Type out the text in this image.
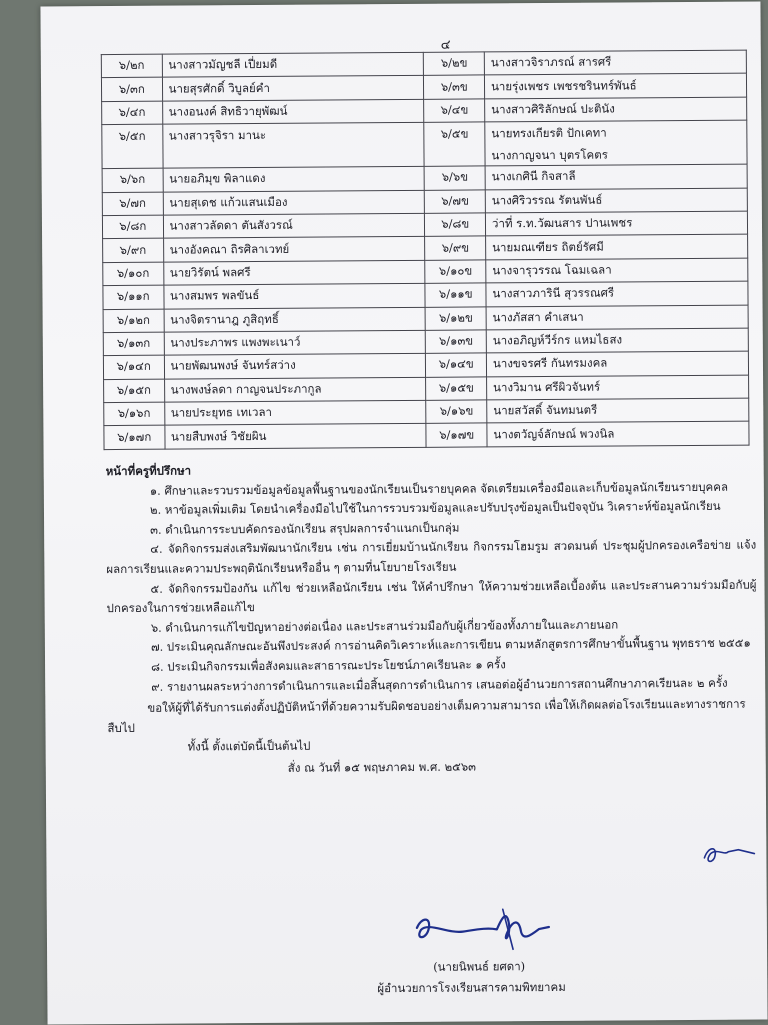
๔
๖/๒ก	นางสาวมัญชลี เปี่ยมดี	๖/๒ข	นางสาวจิราภรณ์ สารศรี
๖/๓ก	นายสุรศักดิ์ วิบูลย์คำ	๖/๓ข	นายรุ่งเพชร เพชรชรินทร์พันธ์
๖/๔ก	นางอนงค์ สิทธิวายุพัฒน์	๖/๔ข	นางสาวศิริลักษณ์ ปะตินัง
๖/๕ก	นางสาวรุจิรา มานะ	๖/๕ข	นายทรงเกียรติ ปักเคทา
นางกาญจนา บุตรโคตร

๖/๖ก	นายอภิมุข พิลาแดง	๖/๖ข	นางเกศินี กิจสาลี
๖/๗ก	นายสุเดช แก้วแสนเมือง	๖/๗ข	นางศิริวรรณ รัตนพันธ์
๖/๘ก	นางสาวลัดดา ตันสังวรณ์	๖/๘ข	ว่าที่ ร.ท.วัฒนสาร ปานเพชร
๖/๙ก	นางอังคณา ถิรศิลาเวทย์	๖/๙ข	นายมณเฑียร ถิตย์รัศมี
๖/๑๐ก	นายวิรัตน์ พลศรี	๖/๑๐ข	นางจารุวรรณ โฉมเฉลา
๖/๑๑ก	นางสมพร พลขันธ์	๖/๑๑ข	นางสาวภารินี สุวรรณศรี
๖/๑๒ก	นางจิตรานาฎ ภูสิฤทธิ์	๖/๑๒ข	นางภัสสา คำเสนา
๖/๑๓ก	นางประภาพร แพงพะเนาว์	๖/๑๓ข	นางอภิญห์วีร์กร แหมไธสง
๖/๑๔ก	นายพัฒนพงษ์ จันทร์สว่าง	๖/๑๔ข	นางขจรศรี กันทรมงคล
๖/๑๕ก	นางพงษ์ลดา กาญจนประภากูล	๖/๑๕ข	นางวิมาน ศรีผิวจันทร์
๖/๑๖ก	นายประยุทธ เทเวลา	๖/๑๖ข	นายสวัสดิ์ จันทมนตรี
๖/๑๗ก	นายสืบพงษ์ วิชัยผิน	๖/๑๗ข	นางตวัญจ์ลักษณ์ พวงนิล
หน้าที่ครูที่ปรึกษา
๑. ศึกษาและรวบรวมข้อมูลข้อมูลพื้นฐานของนักเรียนเป็นรายบุคคล จัดเตรียมเครื่องมือและเก็บข้อมูลนักเรียนรายบุคคล
๒. หาข้อมูลเพิ่มเติม โดยนำเครื่องมือไปใช้ในการรวบรวมข้อมูลและปรับปรุงข้อมูลเป็นปัจจุบัน วิเคราะห์ข้อมูลนักเรียน
๓. ดำเนินการระบบคัดกรองนักเรียน สรุปผลการจำแนกเป็นกลุ่ม
๔. จัดกิจกรรมส่งเสริมพัฒนานักเรียน เช่น การเยี่ยมบ้านนักเรียน กิจกรรมโฮมรูม สวดมนต์ ประชุมผู้ปกครองเครือข่าย แจ้งผลการเรียนและความประพฤตินักเรียนหรืออื่น ๆ ตามที่นโยบายโรงเรียน
๕. จัดกิจกรรมป้องกัน แก้ไข ช่วยเหลือนักเรียน เช่น ให้คำปรึกษา ให้ความช่วยเหลือเบื้องต้น และประสานความร่วมมือกับผู้ปกครองในการช่วยเหลือแก้ไข
๖. ดำเนินการแก้ไขปัญหาอย่างต่อเนื่อง และประสานร่วมมือกับผู้เกี่ยวข้องทั้งภายในและภายนอก
๗. ประเมินคุณลักษณะอันพึงประสงค์ การอ่านคิดวิเคราะห์และการเขียน ตามหลักสูตรการศึกษาขั้นพื้นฐาน พุทธราช ๒๕๕๑
๘. ประเมินกิจกรรมเพื่อสังคมและสาธารณะประโยชน์ภาคเรียนละ ๑ ครั้ง
๙. รายงานผลระหว่างการดำเนินการและเมื่อสิ้นสุดการดำเนินการ เสนอต่อผู้อำนวยการสถานศึกษาภาคเรียนละ ๒ ครั้ง
ขอให้ผู้ที่ได้รับการแต่งตั้งปฏิบัติหน้าที่ด้วยความรับผิดชอบอย่างเต็มความสามารถ เพื่อให้เกิดผลต่อโรงเรียนและทางราชการสืบไป
ทั้งนี้ ตั้งแต่บัดนี้เป็นต้นไป
สั่ง ณ วันที่ ๑๕ พฤษภาคม พ.ศ. ๒๕๖๓
(นายนิพนธ์ ยศดา)
ผู้อำนวยการโรงเรียนสารคามพิทยาคม
